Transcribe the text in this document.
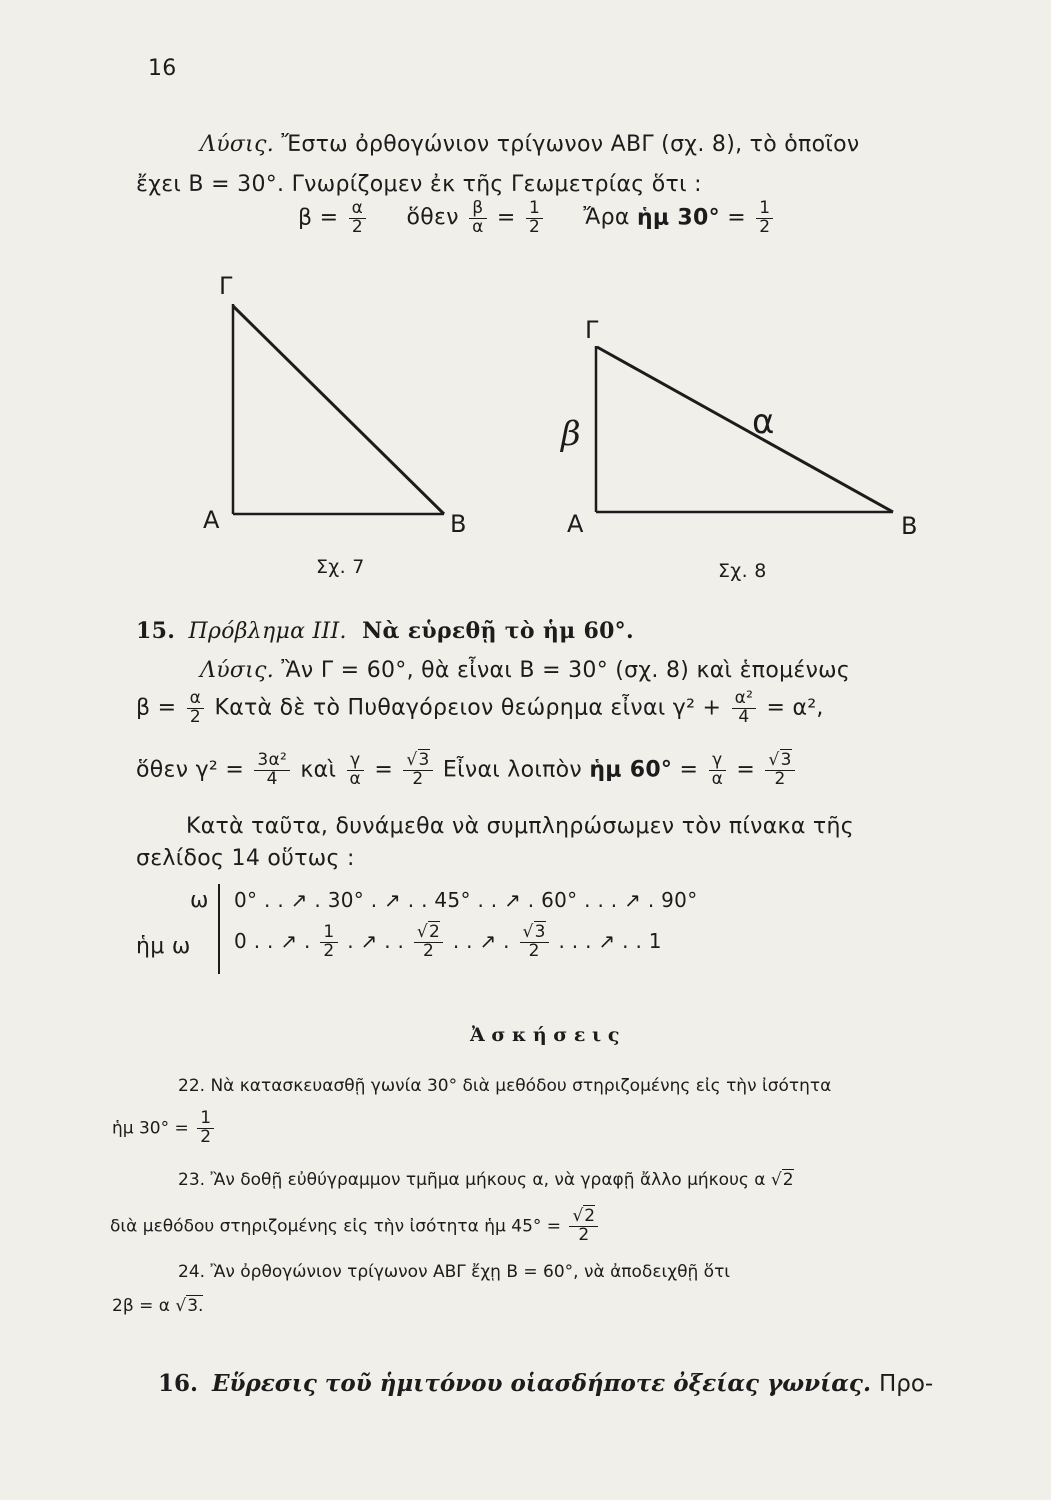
16
Λύσις. Ἔστω ὀρθογώνιον τρίγωνον ΑΒΓ (σχ. 8), τὸ ὁποῖον
ἔχει Β = 30°. Γνωρίζομεν ἐκ τῆς Γεωμετρίας ὅτι :
$\beta = \frac{\alpha}{2}$ ὅθεν $\frac{\beta}{\alpha} = \frac{1}{2}$ Ἄρα ἡμ $30^\circ = \frac{1}{2}$
Γ
Α	Β
Σχ. 7
Γ
Α	Β
α
β
Σχ. 8
15. Πρόβλημα ΙΙΙ. Νὰ εὑρεθῇ τὸ ἡμ 60°.
Λύσις. Ἂν Γ = 60°, θὰ εἶναι Β = 30° (σχ. 8) καὶ ἑπομένως
$\beta = \frac{\alpha}{2}$ Κατὰ δὲ τὸ Πυθαγόρειον θεώρημα εἶναι $\gamma^2 + \frac{\text{α²}}{4} = \alpha^2$,
ὅθεν $\gamma^2 = \frac{\text{3α²}}{4}$ καὶ $\frac{\gamma}{\alpha}$ = √ $\frac{3}{2}$ Εἶναι λοιπὸν ἡμ $60^\circ = \frac{\gamma}{\alpha}$ = √ $\frac{3}{2}$
Κατὰ ταῦτα, δυνάμεθα νὰ συμπληρώσωμεν τὸν πίνακα τῆς
σελίδος 14 οὕτως :
ω 0° . . ↗ . 30° . ↗ . . 45° . . ↗ . 60° . . . ↗ . 90°
ἡμ ω 0 . . ↗ . $\frac{1}{2}$ . ↗ . . √ $\frac{2}{2}$ . . ↗ . √ $\frac{3}{2}$ . . . ↗ . . 1
Ἀ σ κ ή σ ε ι ς
22. Νὰ κατασκευασθῇ γωνία 30° διὰ μεθόδου στηριζομένης εἰς τὴν ἰσότητα
ἡμ $30^\circ = \frac{1}{2}$
23. Ἂν δοθῇ εὐθύγραμμον τμῆμα μήκους α, νὰ γραφῇ ἄλλο μήκους α √ 2
διὰ μεθόδου στηριζομένης εἰς τὴν ἰσότητα ἡμ 45° = √ $\frac{2}{2}$
24. Ἂν ὀρθογώνιον τρίγωνον ΑΒΓ ἔχῃ Β = 60°, νὰ ἀποδειχθῇ ὅτι
2β = α √ 3.
16. Εὕρεσις τοῦ ἡμιτόνου οἱασδήποτε ὀξείας γωνίας. Προ-
